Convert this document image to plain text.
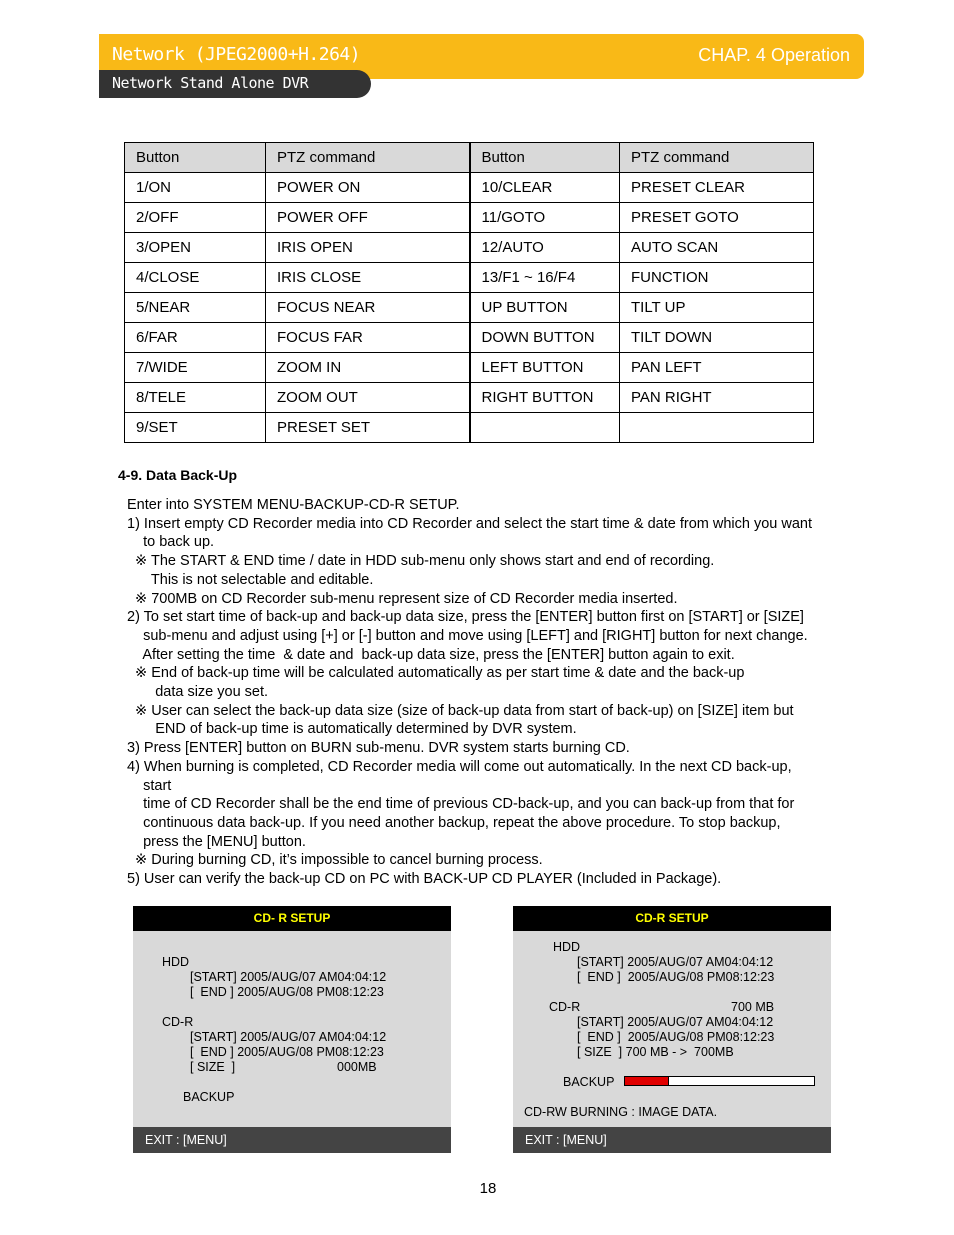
Network (JPEG2000+H.264)	CHAP. 4 Operation
Network Stand Alone DVR
Button	PTZ command	Button	PTZ command
1/ON	POWER ON	10/CLEAR	PRESET CLEAR
2/OFF	POWER OFF	11/GOTO	PRESET GOTO
3/OPEN	IRIS OPEN	12/AUTO	AUTO SCAN
4/CLOSE	IRIS CLOSE	13/F1 ~ 16/F4	FUNCTION
5/NEAR	FOCUS NEAR	UP BUTTON	TILT UP
6/FAR	FOCUS FAR	DOWN BUTTON	TILT DOWN
7/WIDE	ZOOM IN	LEFT BUTTON	PAN LEFT
8/TELE	ZOOM OUT	RIGHT BUTTON	PAN RIGHT
9/SET	PRESET SET		
4-9. Data Back-Up
Enter into SYSTEM MENU-BACKUP-CD-R SETUP.
1) Insert empty CD Recorder media into CD Recorder and select the start time & date from which you want
to back up.
※ The START & END time / date in HDD sub-menu only shows start and end of recording.
This is not selectable and editable.
※ 700MB on CD Recorder sub-menu represent size of CD Recorder media inserted.
2) To set start time of back-up and back-up data size, press the [ENTER] button first on [START] or [SIZE]
sub-menu and adjust using [+] or [-] button and move using [LEFT] and [RIGHT] button for next change.
After setting the time  & date and  back-up data size, press the [ENTER] button again to exit.
※ End of back-up time will be calculated automatically as per start time & date and the back-up
data size you set.
※ User can select the back-up data size (size of back-up data from start of back-up) on [SIZE] item but
END of back-up time is automatically determined by DVR system.
3) Press [ENTER] button on BURN sub-menu. DVR system starts burning CD.
4) When burning is completed, CD Recorder media will come out automatically. In the next CD back-up,
start
time of CD Recorder shall be the end time of previous CD-back-up, and you can back-up from that for
continuous data back-up. If you need another backup, repeat the above procedure. To stop backup,
press the [MENU] button.
※ During burning CD, it’s impossible to cancel burning process.
5) User can verify the back-up CD on PC with BACK-UP CD PLAYER (Included in Package).
CD- R SETUP
HDD
[START] 2005/AUG/07 AM04:04:12
[  END ] 2005/AUG/08 PM08:12:23
CD-R
[START] 2005/AUG/07 AM04:04:12
[  END ] 2005/AUG/08 PM08:12:23
[ SIZE  ]	000MB
BACKUP
EXIT : [MENU]
CD-R SETUP
HDD
[START] 2005/AUG/07 AM04:04:12
[  END ]  2005/AUG/08 PM08:12:23
CD-R	700 MB
[START] 2005/AUG/07 AM04:04:12
[  END ]  2005/AUG/08 PM08:12:23
[ SIZE  ] 700 MB - >  700MB
BACKUP
CD-RW BURNING : IMAGE DATA.
EXIT : [MENU]
18
